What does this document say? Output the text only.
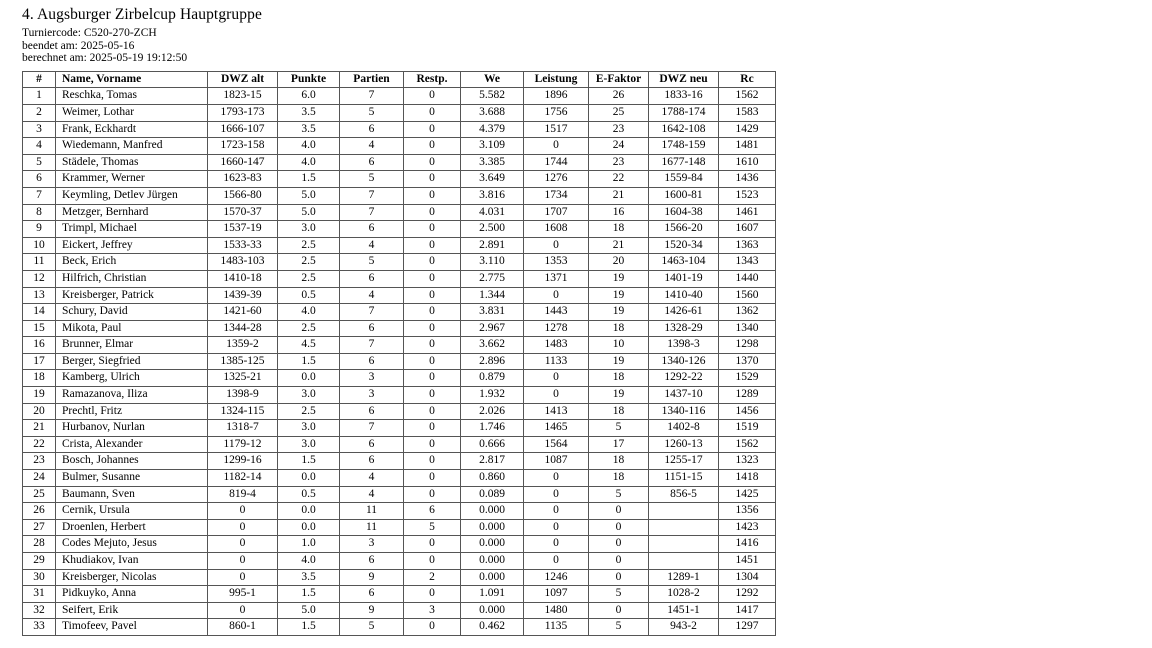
4. Augsburger Zirbelcup Hauptgruppe
Turniercode: C520-270-ZCH
beendet am: 2025-05-16
berechnet am: 2025-05-19 19:12:50
#	Name, Vorname	DWZ alt	Punkte	Partien	Restp.	We	Leistung	E-Faktor	DWZ neu	Rc
1	Reschka, Tomas	1823-15	6.0	7	0	5.582	1896	26	1833-16	1562
2	Weimer, Lothar	1793-173	3.5	5	0	3.688	1756	25	1788-174	1583
3	Frank, Eckhardt	1666-107	3.5	6	0	4.379	1517	23	1642-108	1429
4	Wiedemann, Manfred	1723-158	4.0	4	0	3.109	0	24	1748-159	1481
5	Städele, Thomas	1660-147	4.0	6	0	3.385	1744	23	1677-148	1610
6	Krammer, Werner	1623-83	1.5	5	0	3.649	1276	22	1559-84	1436
7	Keymling, Detlev Jürgen	1566-80	5.0	7	0	3.816	1734	21	1600-81	1523
8	Metzger, Bernhard	1570-37	5.0	7	0	4.031	1707	16	1604-38	1461
9	Trimpl, Michael	1537-19	3.0	6	0	2.500	1608	18	1566-20	1607
10	Eickert, Jeffrey	1533-33	2.5	4	0	2.891	0	21	1520-34	1363
11	Beck, Erich	1483-103	2.5	5	0	3.110	1353	20	1463-104	1343
12	Hilfrich, Christian	1410-18	2.5	6	0	2.775	1371	19	1401-19	1440
13	Kreisberger, Patrick	1439-39	0.5	4	0	1.344	0	19	1410-40	1560
14	Schury, David	1421-60	4.0	7	0	3.831	1443	19	1426-61	1362
15	Mikota, Paul	1344-28	2.5	6	0	2.967	1278	18	1328-29	1340
16	Brunner, Elmar	1359-2	4.5	7	0	3.662	1483	10	1398-3	1298
17	Berger, Siegfried	1385-125	1.5	6	0	2.896	1133	19	1340-126	1370
18	Kamberg, Ulrich	1325-21	0.0	3	0	0.879	0	18	1292-22	1529
19	Ramazanova, Iliza	1398-9	3.0	3	0	1.932	0	19	1437-10	1289
20	Prechtl, Fritz	1324-115	2.5	6	0	2.026	1413	18	1340-116	1456
21	Hurbanov, Nurlan	1318-7	3.0	7	0	1.746	1465	5	1402-8	1519
22	Crista, Alexander	1179-12	3.0	6	0	0.666	1564	17	1260-13	1562
23	Bosch, Johannes	1299-16	1.5	6	0	2.817	1087	18	1255-17	1323
24	Bulmer, Susanne	1182-14	0.0	4	0	0.860	0	18	1151-15	1418
25	Baumann, Sven	819-4	0.5	4	0	0.089	0	5	856-5	1425
26	Cernik, Ursula	0	0.0	11	6	0.000	0	0		1356
27	Droenlen, Herbert	0	0.0	11	5	0.000	0	0		1423
28	Codes Mejuto, Jesus	0	1.0	3	0	0.000	0	0		1416
29	Khudiakov, Ivan	0	4.0	6	0	0.000	0	0		1451
30	Kreisberger, Nicolas	0	3.5	9	2	0.000	1246	0	1289-1	1304
31	Pidkuyko, Anna	995-1	1.5	6	0	1.091	1097	5	1028-2	1292
32	Seifert, Erik	0	5.0	9	3	0.000	1480	0	1451-1	1417
33	Timofeev, Pavel	860-1	1.5	5	0	0.462	1135	5	943-2	1297
